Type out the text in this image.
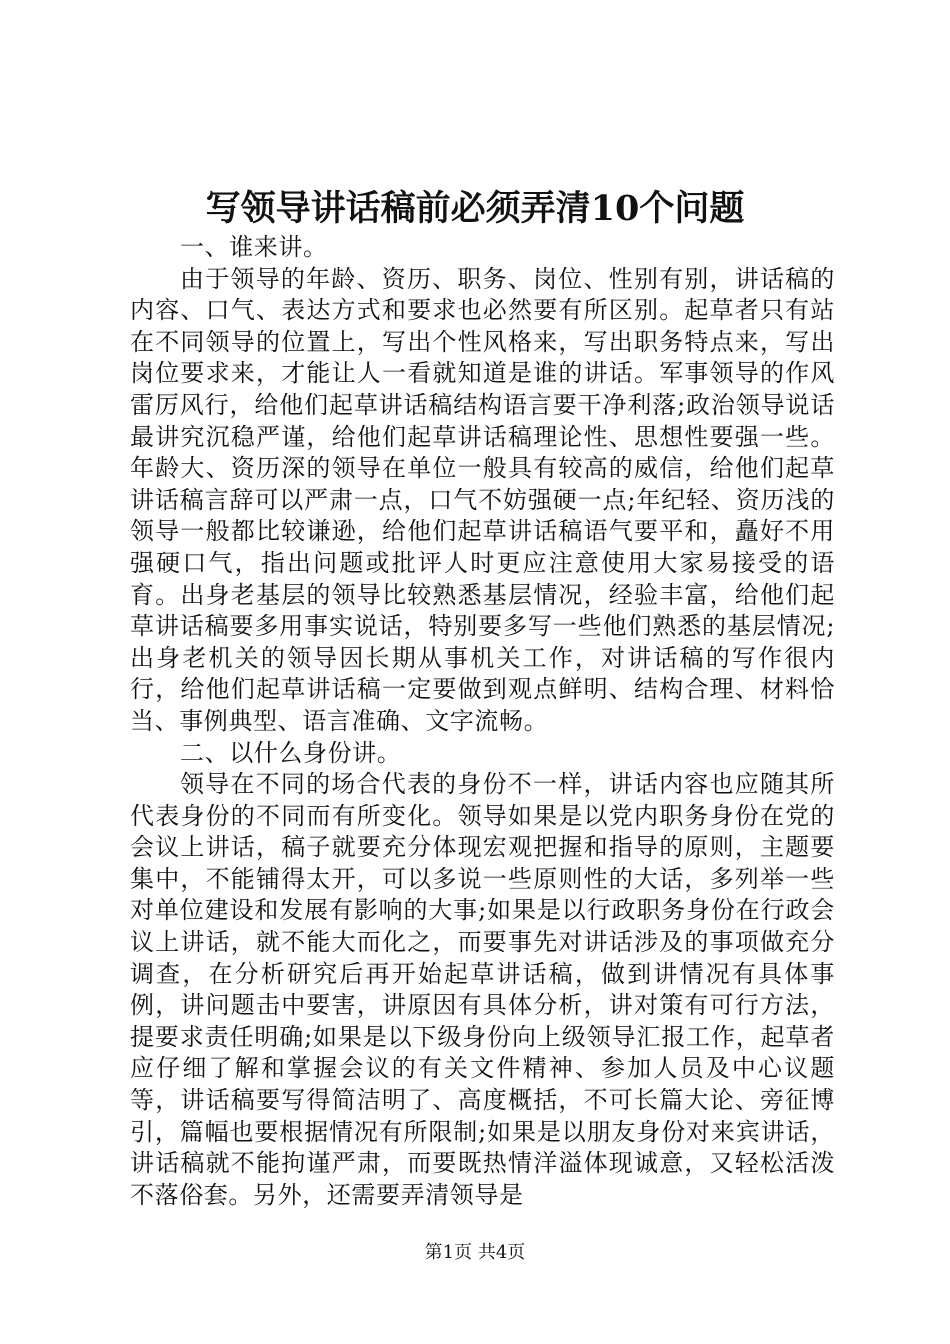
写领导讲话稿前必须弄清10个问题

一、谁来讲。

由于领导的年龄、资历、职务、岗位、性别有别，讲话稿的内容、口气、表达方式和要求也必然要有所区别。起草者只有站在不同领导的位置上，写出个性风格来，写出职务特点来，写出岗位要求来，才能让人一看就知道是谁的讲话。军事领导的作风雷厉风行，给他们起草讲话稿结构语言要干净利落;政治领导说话最讲究沉稳严谨，给他们起草讲话稿理论性、思想性要强一些。年龄大、资历深的领导在单位一般具有较高的威信，给他们起草讲话稿言辞可以严肃一点，口气不妨强硬一点;年纪轻、资历浅的领导一般都比较谦逊，给他们起草讲话稿语气要平和，矗好不用强硬口气，指出问题或批评人时更应注意使用大家易接受的语育。出身老基层的领导比较熟悉基层情况，经验丰富，给他们起草讲话稿要多用事实说话，特别要多写一些他们熟悉的基层情况;出身老机关的领导因长期从事机关工作，对讲话稿的写作很内行，给他们起草讲话稿一定要做到观点鲜明、结构合理、材料恰当、事例典型、语言准确、文字流畅。

二、以什么身份讲。

领导在不同的场合代表的身份不一样，讲话内容也应随其所代表身份的不同而有所变化。领导如果是以党内职务身份在党的会议上讲话，稿子就要充分体现宏观把握和指导的原则，主题要集中，不能铺得太开，可以多说一些原则性的大话，多列举一些对单位建设和发展有影响的大事;如果是以行政职务身份在行政会议上讲话，就不能大而化之，而要事先对讲话涉及的事项做充分调查，在分析研究后再开始起草讲话稿，做到讲情况有具体事例，讲问题击中要害，讲原因有具体分析，讲对策有可行方法，提要求责任明确;如果是以下级身份向上级领导汇报工作，起草者应仔细了解和掌握会议的有关文件精神、参加人员及中心议题等，讲话稿要写得简洁明了、高度概括，不可长篇大论、旁征博引，篇幅也要根据情况有所限制;如果是以朋友身份对来宾讲话，讲话稿就不能拘谨严肃，而要既热情洋溢体现诚意，又轻松活泼不落俗套。另外，还需要弄清领导是

第1页 共4页
